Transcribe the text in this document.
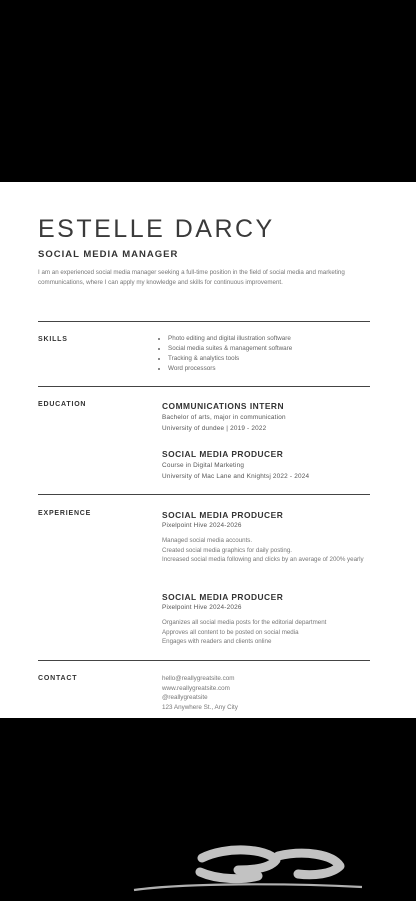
ESTELLE DARCY
SOCIAL MEDIA MANAGER
I am an experienced social media manager seeking a full-time position in the field of social media and marketing communications, where I can apply my knowledge and skills for continuous improvement.
SKILLS
•	Photo editing and digital illustration software
• Social media suites & management software
• Tracking & analytics tools
• Word processors
EDUCATION	COMMUNICATIONS INTERN
Bachelor of arts, major in communication
University of dundee | 2019 - 2022
SOCIAL MEDIA PRODUCER
Course in Digital Marketing
University of Mac Lane and Knightsj 2022 - 2024
EXPERIENCE	SOCIAL MEDIA PRODUCER
Pixelpoint Hive 2024-2026
Managed social media accounts.
Created social media graphics for daily posting.
Increased social media following and clicks by an average of 200% yearly
SOCIAL MEDIA PRODUCER
Pixelpoint Hive 2024-2026
Organizes all social media posts for the editorial department
Approves all content to be posted on social media
Engages with readers and clients online
CONTACT	hello@reallygreatsite.com
www.reallygreatsite.com
@reallygreatsite
123 Anywhere St., Any City
